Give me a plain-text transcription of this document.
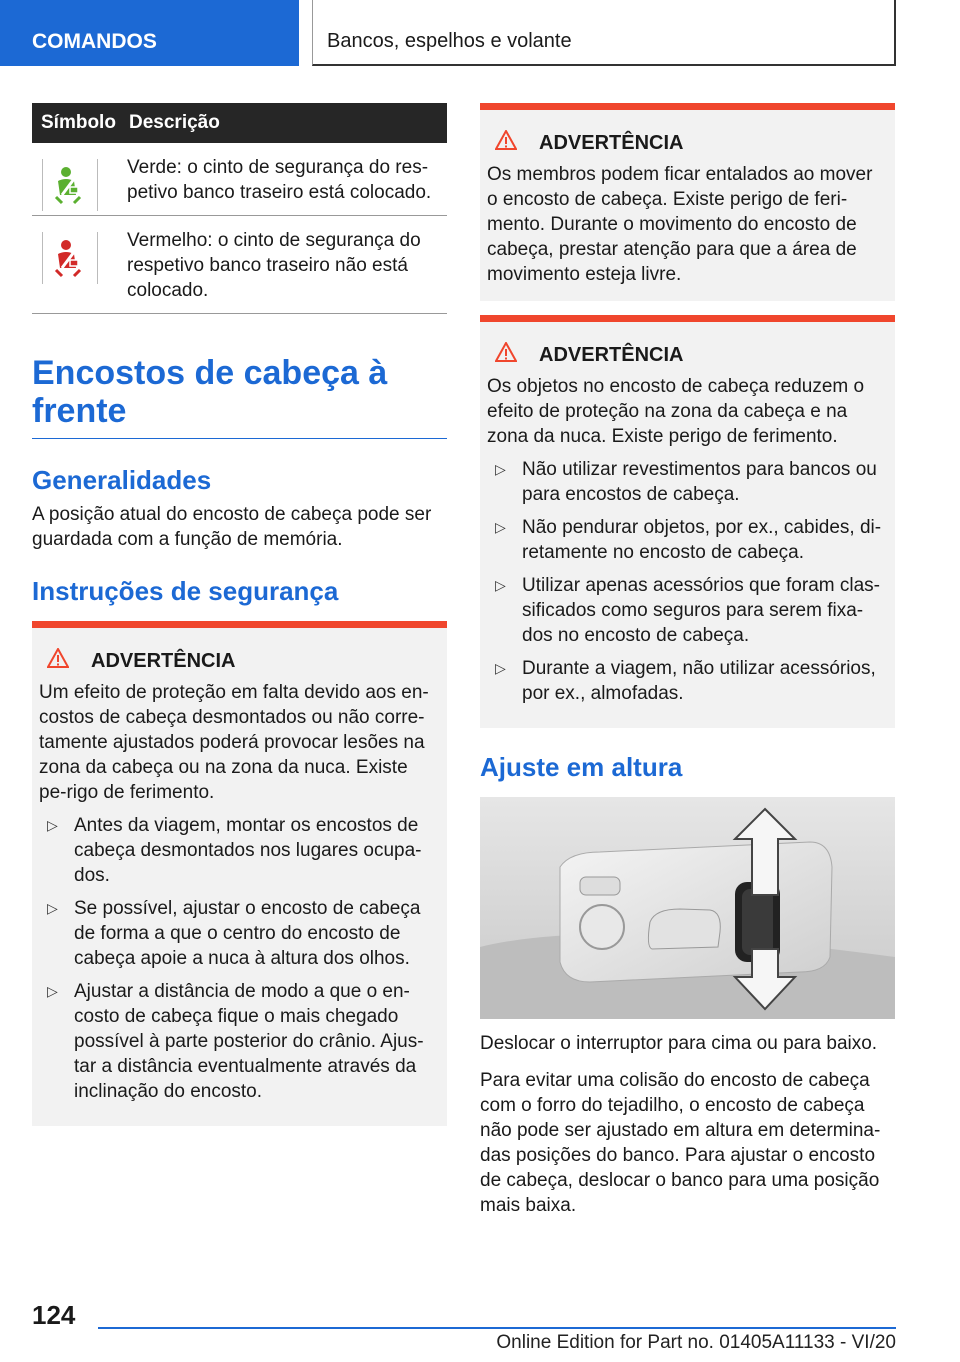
COMANDOS	Bancos, espelhos e volante
Símbolo Descrição
Verde: o cinto de segurança do res-petivo banco traseiro está colocado.
Vermelho: o cinto de segurança do respetivo banco traseiro não está colocado.
Encostos de cabeça à frente
Generalidades

A posição atual do encosto de cabeça pode ser guardada com a função de memória.

Instruções de segurança
ADVERTÊNCIA

Um efeito de proteção em falta devido aos en-costos de cabeça desmontados ou não corre-tamente ajustados poderá provocar lesões na zona da cabeça ou na zona da nuca. Existe pe-rigo de ferimento.

▷ Antes da viagem, montar os encostos de cabeça desmontados nos lugares ocupa-dos.
▷ Se possível, ajustar o encosto de cabeça de forma a que o centro do encosto de cabeça apoie a nuca à altura dos olhos.
▷ Ajustar a distância de modo a que o en-costo de cabeça fique o mais chegado possível à parte posterior do crânio. Ajus-tar a distância eventualmente através da inclinação do encosto.
ADVERTÊNCIA

Os membros podem ficar entalados ao mover o encosto de cabeça. Existe perigo de feri-mento. Durante o movimento do encosto de cabeça, prestar atenção para que a área de movimento esteja livre.

ADVERTÊNCIA

Os objetos no encosto de cabeça reduzem o efeito de proteção na zona da cabeça e na zona da nuca. Existe perigo de ferimento.

▷ Não utilizar revestimentos para bancos ou para encostos de cabeça.
▷ Não pendurar objetos, por ex., cabides, di-retamente no encosto de cabeça.
▷ Utilizar apenas acessórios que foram clas-sificados como seguros para serem fixa-dos no encosto de cabeça.
▷ Durante a viagem, não utilizar acessórios, por ex., almofadas.
Ajuste em altura

Deslocar o interruptor para cima ou para baixo.

Para evitar uma colisão do encosto de cabeça com o forro do tejadilho, o encosto de cabeça não pode ser ajustado em altura em determina-das posições do banco. Para ajustar o encosto de cabeça, deslocar o banco para uma posição mais baixa.

124
Online Edition for Part no. 01405A11133 - VI/20
